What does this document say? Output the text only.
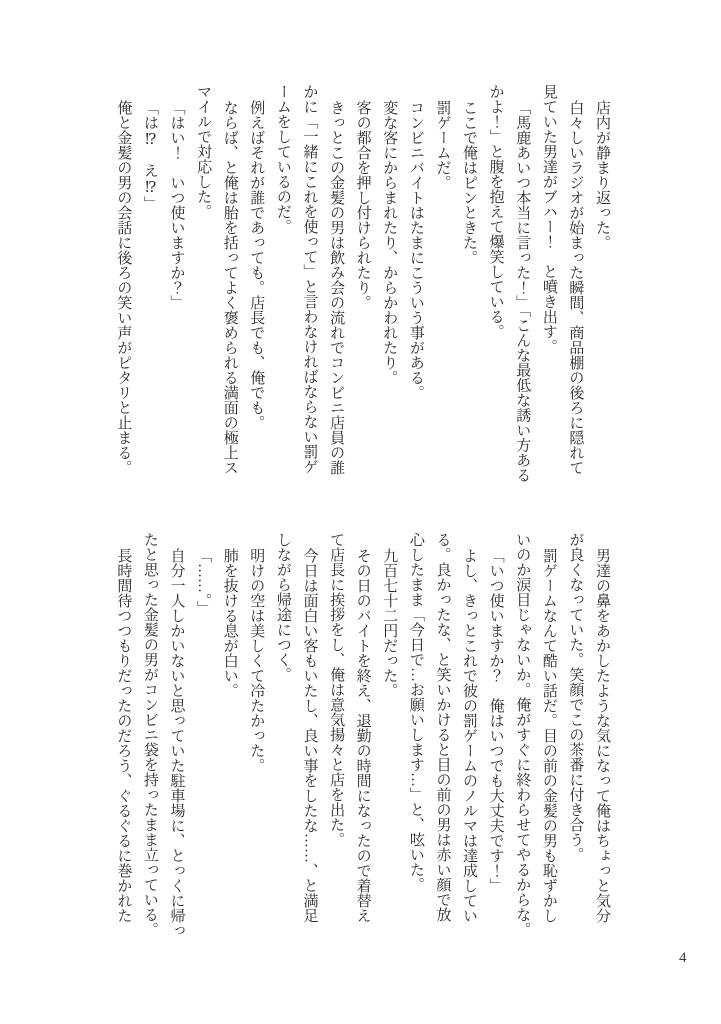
店内が静まり返った。
白々しいラジオが始まった瞬間、商品棚の後ろに隠れて
見ていた男達がブハー！　と噴き出す。
「馬鹿あいつ本当に言った！」「こんな最低な誘い方ある
かよ！」と腹を抱えて爆笑している。
ここで俺はピンときた。
罰ゲームだ。
コンビニバイトはたまにこういう事がある。
変な客にからまれたり、からかわれたり。
客の都合を押し付けられたり。
きっとこの金髪の男は飲み会の流れでコンビニ店員の誰
かに「一緒にこれを使って」と言わなければならない罰ゲ
ームをしているのだ。
例えばそれが誰であっても。店長でも、俺でも。
ならば、と俺は胎を括ってよく褒められる満面の極上ス
マイルで対応した。
「はい！　いつ使いますか？」
「は⁉　え⁉」
俺と金髪の男の会話に後ろの笑い声がピタリと止まる。
男達の鼻をあかしたような気になって俺はちょっと気分
が良くなっていた。笑顔でこの茶番に付き合う。
罰ゲームなんて酷い話だ。目の前の金髪の男も恥ずかし
いのか涙目じゃないか。俺がすぐに終わらせてやるからな。
「いつ使いますか？　俺はいつでも大丈夫です！」
よし、きっとこれで彼の罰ゲームのノルマは達成してい
る。良かったな、と笑いかけると目の前の男は赤い顔で放
心したまま「今日で…お願いします…」と、呟いた。
九百七十二円だった。
その日のバイトを終え、退勤の時間になったので着替え
て店長に挨拶をし、俺は意気揚々と店を出た。
今日は面白い客もいたし、良い事をしたな……、と満足
しながら帰途につく。
明けの空は美しくて冷たかった。
肺を抜ける息が白い。
「……。」
自分一人しかいないと思っていた駐車場に、とっくに帰っ
たと思った金髪の男がコンビニ袋を持ったまま立っている。
長時間待つつもりだったのだろう、ぐるぐるに巻かれた
4
